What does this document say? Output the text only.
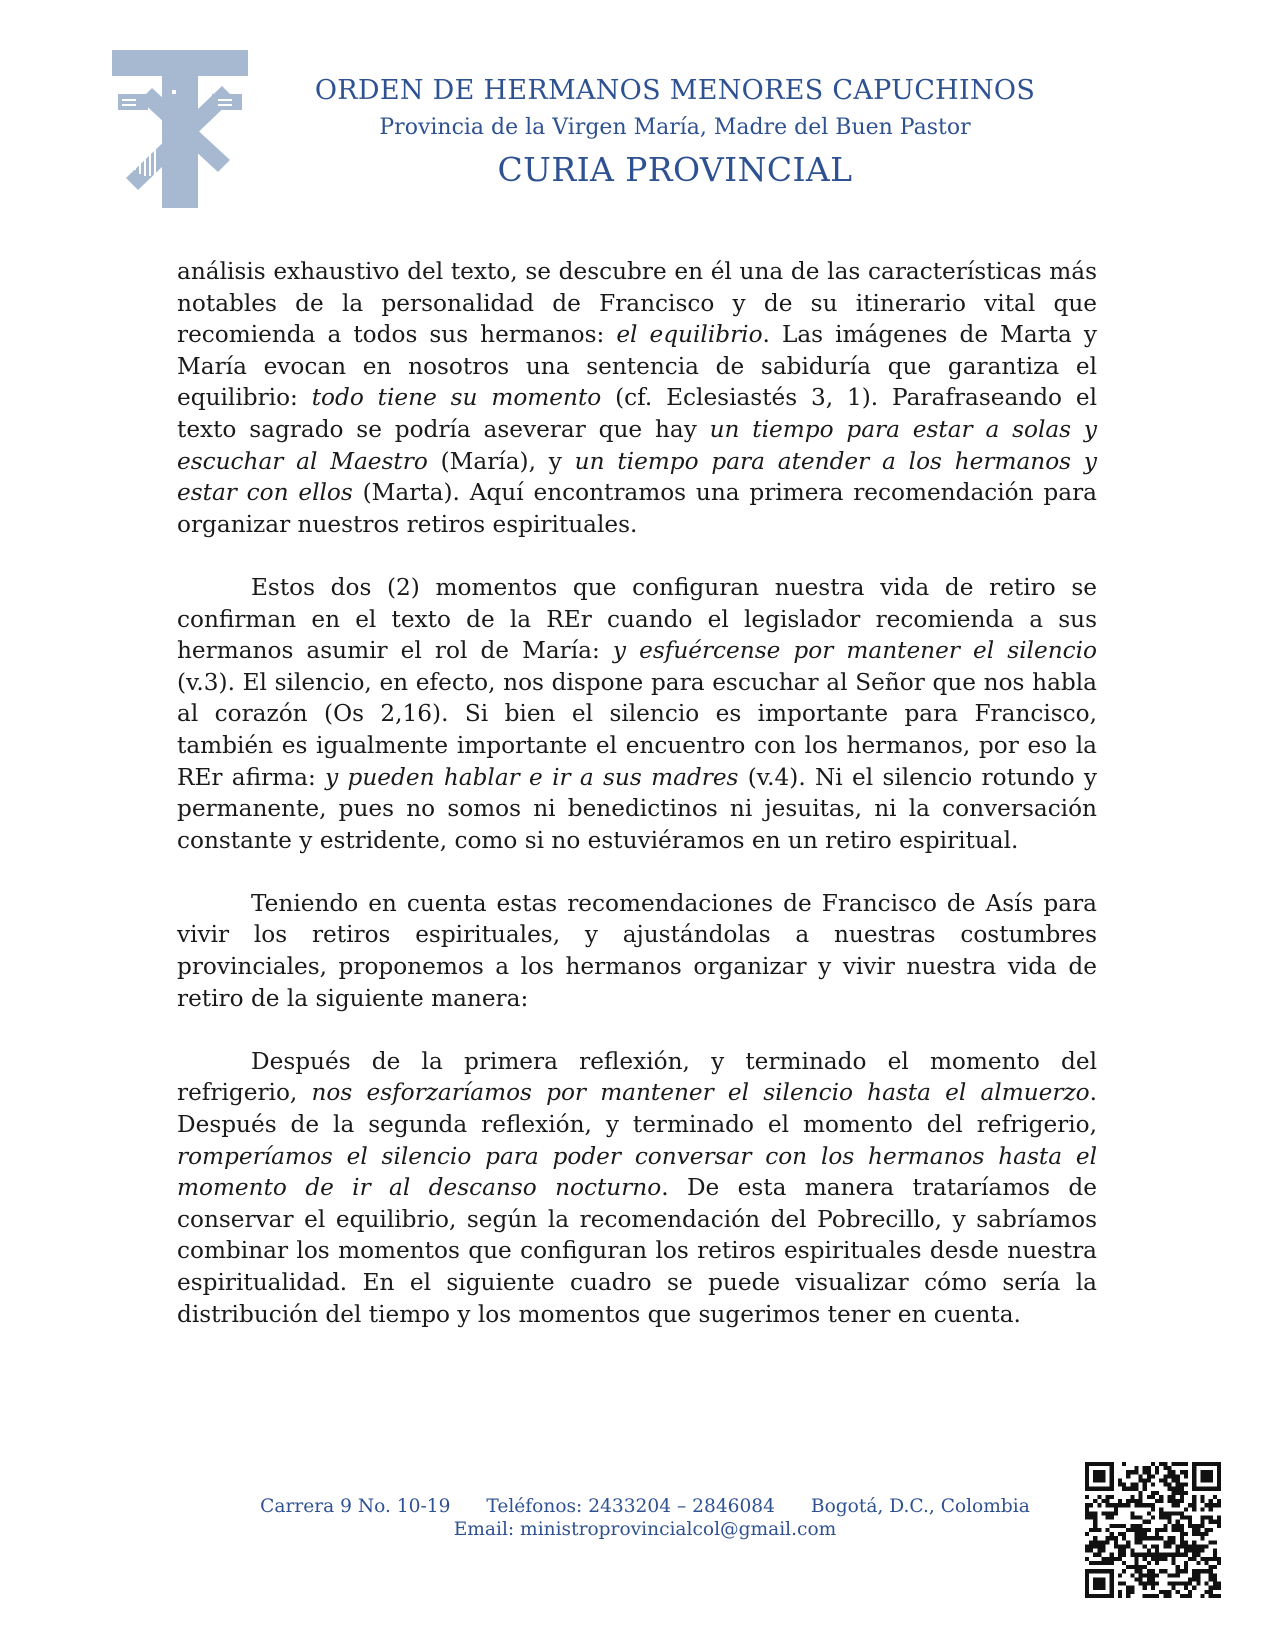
ORDEN DE HERMANOS MENORES CAPUCHINOS
Provincia de la Virgen María, Madre del Buen Pastor
CURIA PROVINCIAL

análisis exhaustivo del texto, se descubre en él una de las características más notables de la personalidad de Francisco y de su itinerario vital que recomienda a todos sus hermanos: el equilibrio. Las imágenes de Marta y María evocan en nosotros una sentencia de sabiduría que garantiza el equilibrio: todo tiene su momento (cf. Eclesiastés 3, 1). Parafraseando el texto sagrado se podría aseverar que hay un tiempo para estar a solas y escuchar al Maestro (María), y un tiempo para atender a los hermanos y estar con ellos (Marta). Aquí encontramos una primera recomendación para organizar nuestros retiros espirituales.

Estos dos (2) momentos que configuran nuestra vida de retiro se confirman en el texto de la REr cuando el legislador recomienda a sus hermanos asumir el rol de María: y esfuércense por mantener el silencio (v.3). El silencio, en efecto, nos dispone para escuchar al Señor que nos habla al corazón (Os 2,16). Si bien el silencio es importante para Francisco, también es igualmente importante el encuentro con los hermanos, por eso la REr afirma: y pueden hablar e ir a sus madres (v.4). Ni el silencio rotundo y permanente, pues no somos ni benedictinos ni jesuitas, ni la conversación constante y estridente, como si no estuviéramos en un retiro espiritual.

Teniendo en cuenta estas recomendaciones de Francisco de Asís para vivir los retiros espirituales, y ajustándolas a nuestras costumbres provinciales, proponemos a los hermanos organizar y vivir nuestra vida de retiro de la siguiente manera:

Después de la primera reflexión, y terminado el momento del refrigerio, nos esforzaríamos por mantener el silencio hasta el almuerzo. Después de la segunda reflexión, y terminado el momento del refrigerio, romperíamos el silencio para poder conversar con los hermanos hasta el momento de ir al descanso nocturno. De esta manera trataríamos de conservar el equilibrio, según la recomendación del Pobrecillo, y sabríamos combinar los momentos que configuran los retiros espirituales desde nuestra espiritualidad. En el siguiente cuadro se puede visualizar cómo sería la distribución del tiempo y los momentos que sugerimos tener en cuenta.

Carrera 9 No. 10-19 Teléfonos: 2433204 – 2846084 Bogotá, D.C., Colombia
Email: ministroprovincialcol@gmail.com
